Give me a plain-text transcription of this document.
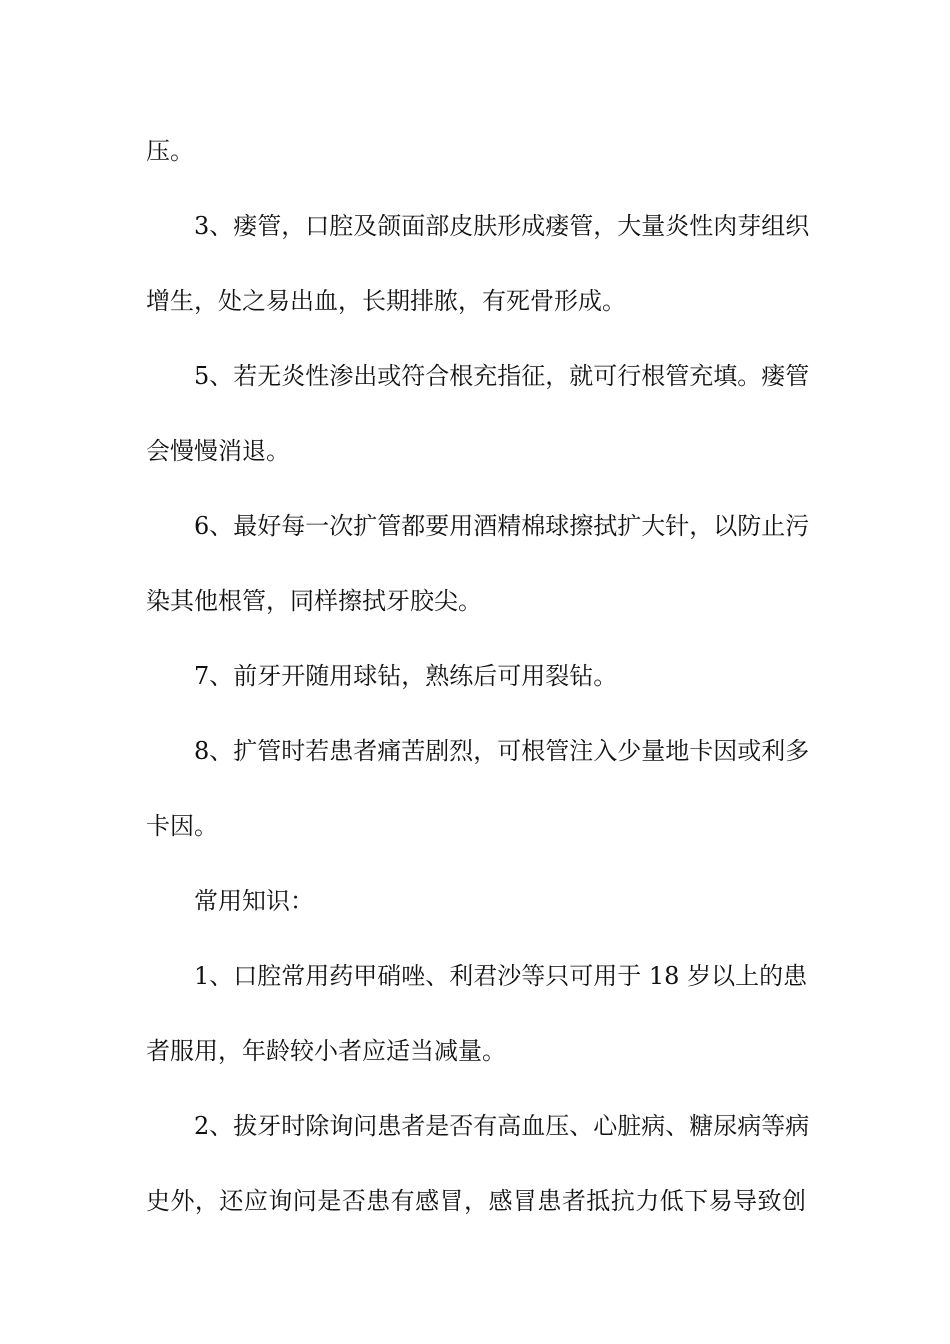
压。
3、瘘管，口腔及颌面部皮肤形成瘘管，大量炎性肉芽组织
增生，处之易出血，长期排脓，有死骨形成。
5、若无炎性渗出或符合根充指征，就可行根管充填。瘘管
会慢慢消退。
6、最好每一次扩管都要用酒精棉球擦拭扩大针，以防止污
染其他根管，同样擦拭牙胶尖。
7、前牙开随用球钻，熟练后可用裂钻。
8、扩管时若患者痛苦剧烈，可根管注入少量地卡因或利多
卡因。
常用知识：
1、口腔常用药甲硝唑、利君沙等只可用于 18 岁以上的患
者服用，年龄较小者应适当减量。
2、拔牙时除询问患者是否有高血压、心脏病、糖尿病等病
史外，还应询问是否患有感冒，感冒患者抵抗力低下易导致创
